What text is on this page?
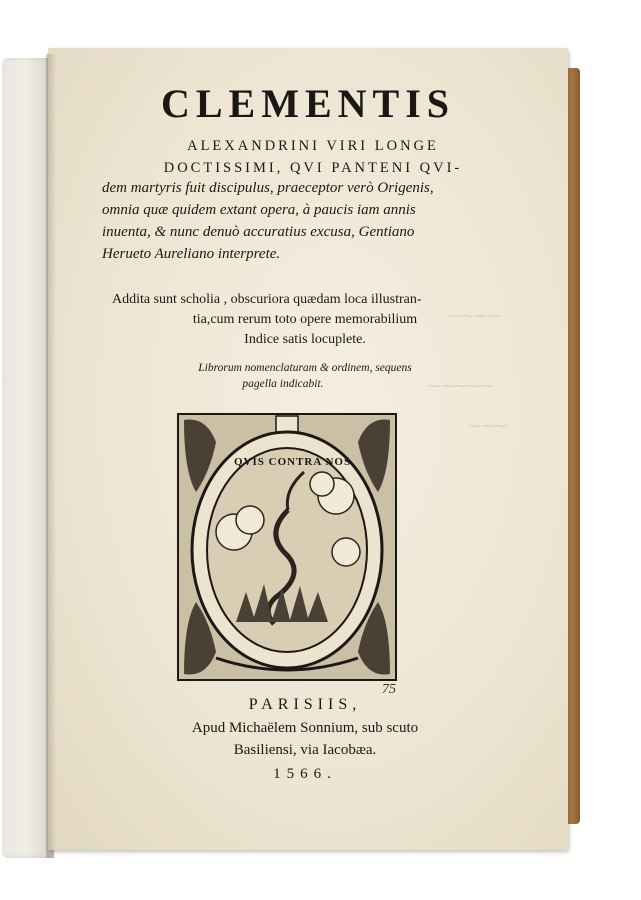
⁓⁓⁓⁓
⁓⁓⁓⁓⁓
⁓⁓⁓
CLEMENTIS
ALEXANDRINI VIRI LONGE
DOCTISSIMI, QVI PANTENI QVI-
dem martyris fuit discipulus, praeceptor verò Origenis,
omnia quæ quidem extant opera, à paucis iam annis
inuenta, & nunc denuò accuratius excusa, Gentiano
Herueto Aureliano interprete.
Addita sunt scholia , obscuriora quædam loca illustran-
tia,cum rerum toto opere memorabilium
Indice satis locuplete.
Librorum nomenclaturam & ordinem, sequens
pagella indicabit.
QVIS CONTRA NOS
75
PARISIIS,
Apud Michaëlem Sonnium, sub scuto
Basiliensi, via Iacobæa.
1566.
